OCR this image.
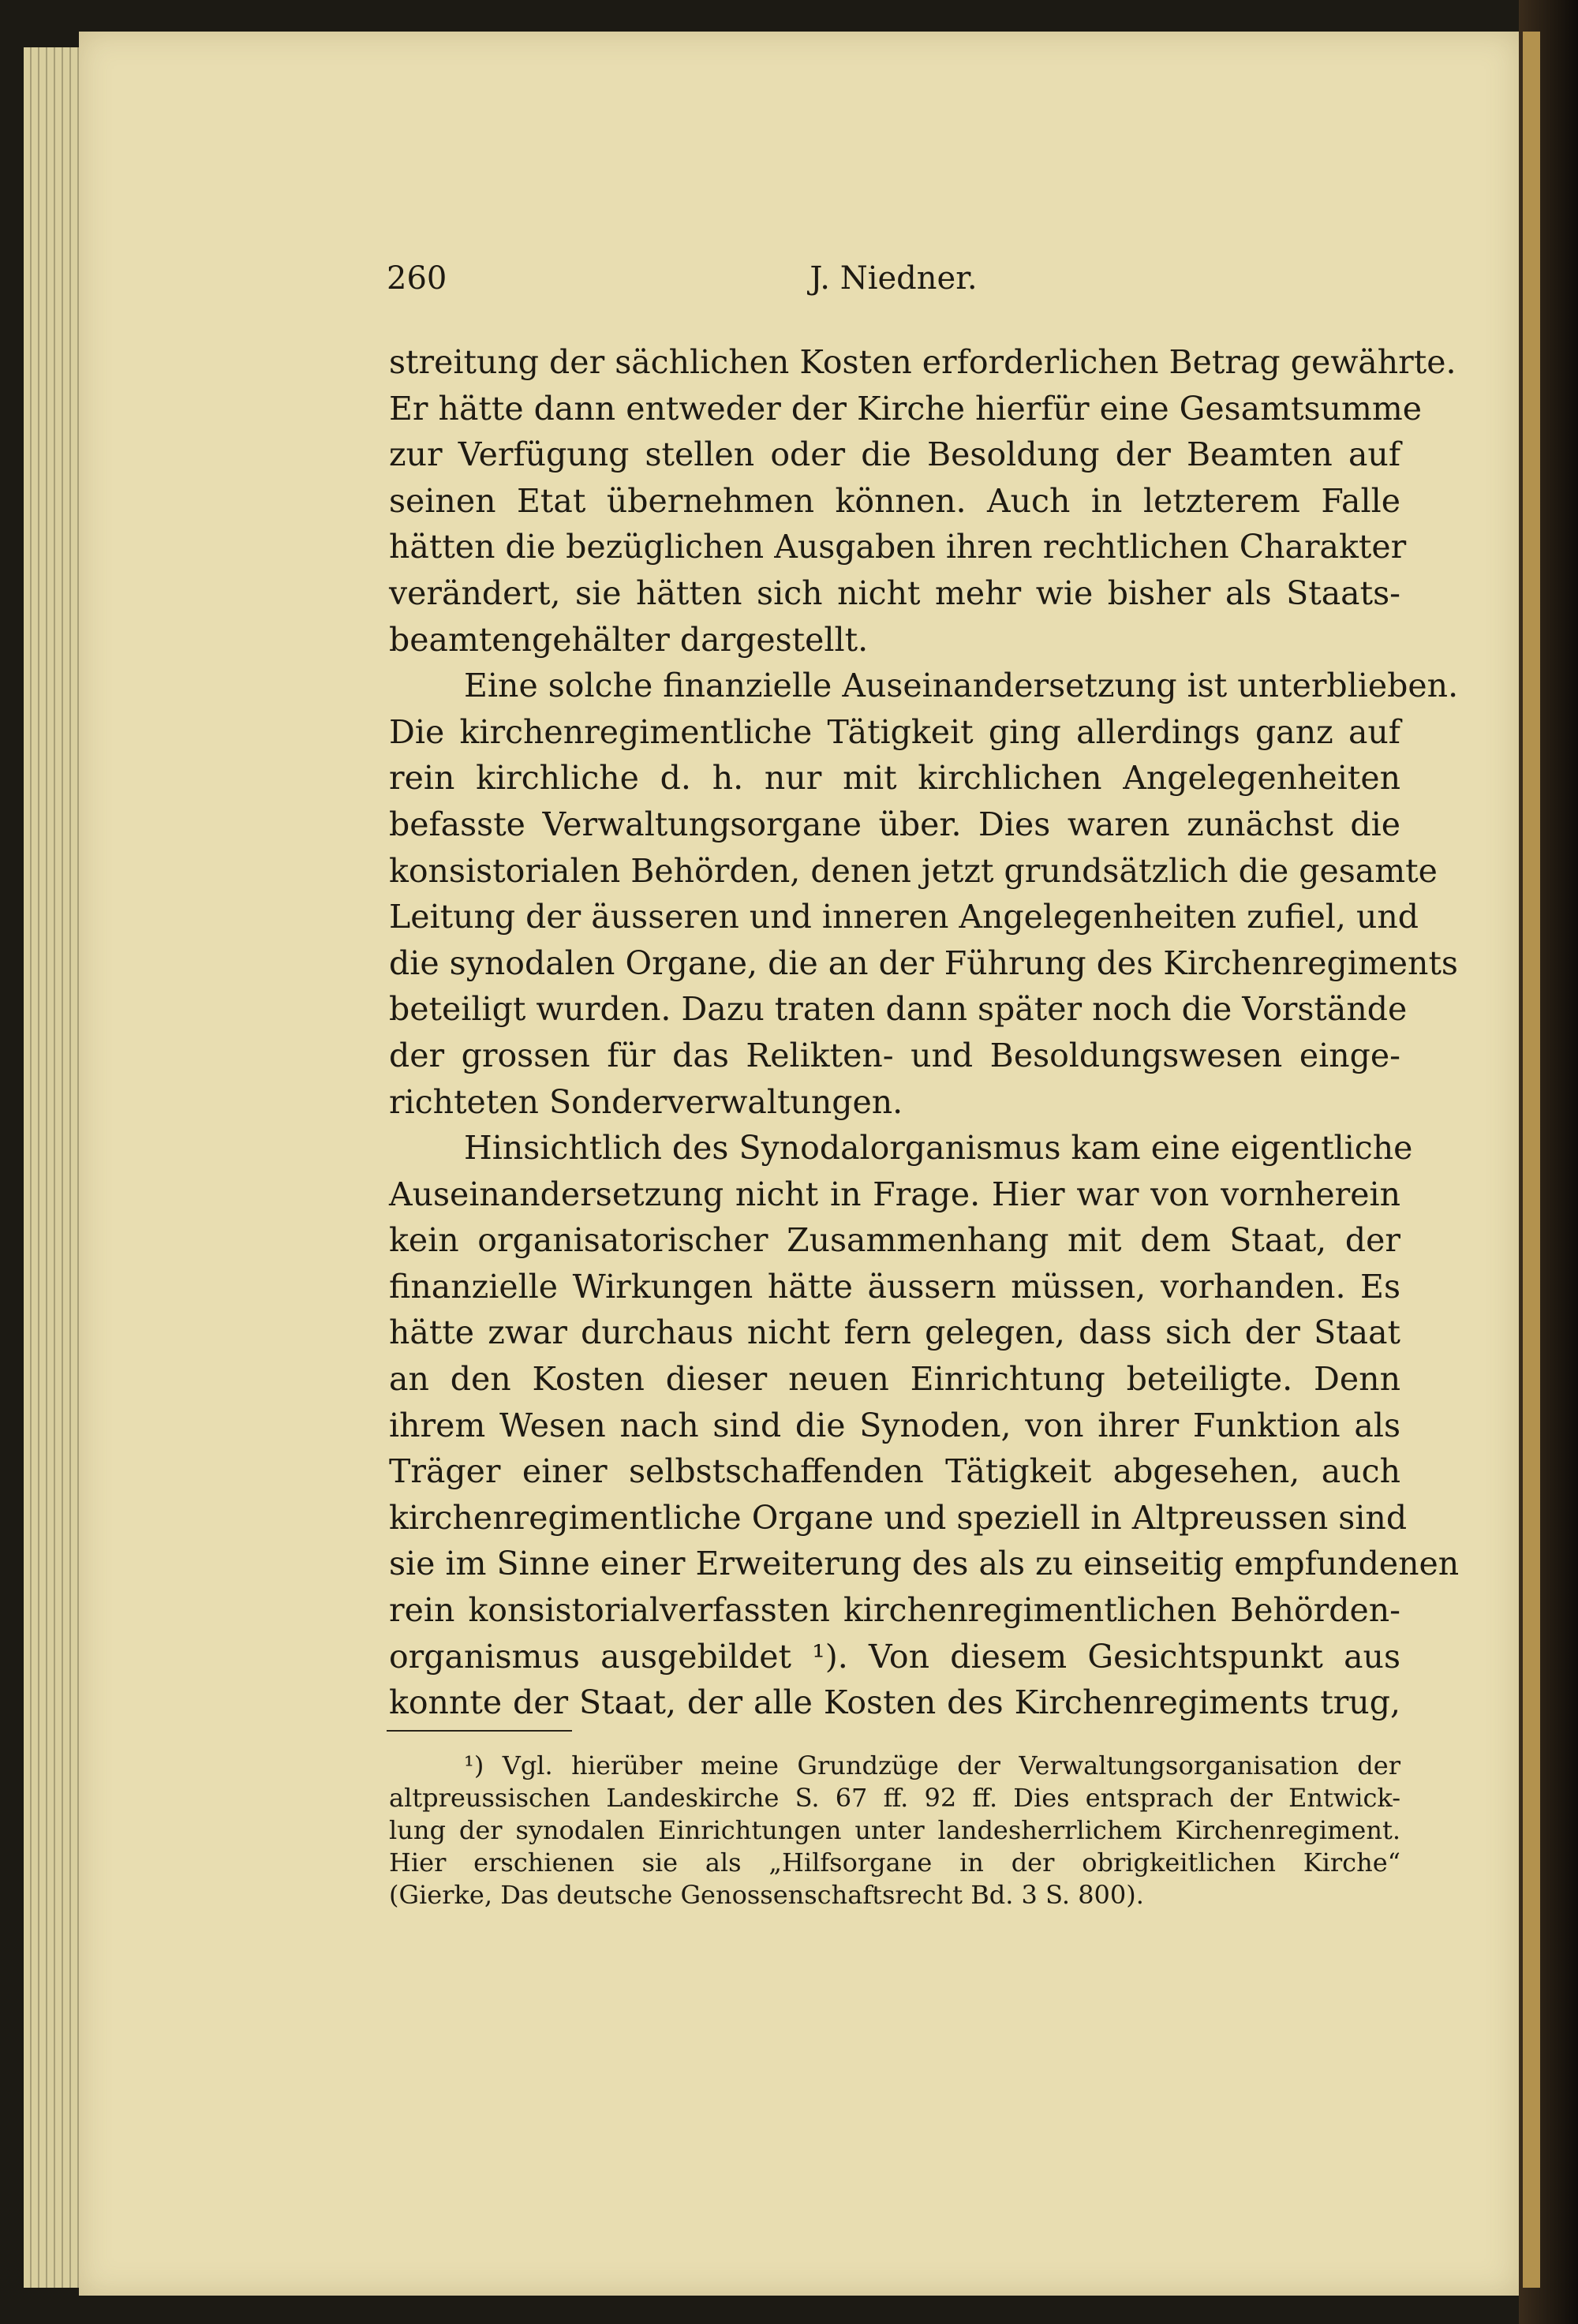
260	J. Niedner.
streitung der sächlichen Kosten erforderlichen Betrag gewährte.
Er hätte dann entweder der Kirche hierfür eine Gesamtsumme
zur Verfügung stellen oder die Besoldung der Beamten auf
seinen Etat übernehmen können. Auch in letzterem Falle
hätten die bezüglichen Ausgaben ihren rechtlichen Charakter
verändert, sie hätten sich nicht mehr wie bisher als Staats-
beamtengehälter dargestellt.
Eine solche finanzielle Auseinandersetzung ist unterblieben.
Die kirchenregimentliche Tätigkeit ging allerdings ganz auf
rein kirchliche d. h. nur mit kirchlichen Angelegenheiten
befasste Verwaltungsorgane über. Dies waren zunächst die
konsistorialen Behörden, denen jetzt grundsätzlich die gesamte
Leitung der äusseren und inneren Angelegenheiten zufiel, und
die synodalen Organe, die an der Führung des Kirchenregiments
beteiligt wurden. Dazu traten dann später noch die Vorstände
der grossen für das Relikten- und Besoldungswesen einge-
richteten Sonderverwaltungen.
Hinsichtlich des Synodalorganismus kam eine eigentliche
Auseinandersetzung nicht in Frage. Hier war von vornherein
kein organisatorischer Zusammenhang mit dem Staat, der
finanzielle Wirkungen hätte äussern müssen, vorhanden. Es
hätte zwar durchaus nicht fern gelegen, dass sich der Staat
an den Kosten dieser neuen Einrichtung beteiligte. Denn
ihrem Wesen nach sind die Synoden, von ihrer Funktion als
Träger einer selbstschaffenden Tätigkeit abgesehen, auch
kirchenregimentliche Organe und speziell in Altpreussen sind
sie im Sinne einer Erweiterung des als zu einseitig empfundenen
rein konsistorialverfassten kirchenregimentlichen Behörden-
organismus ausgebildet ¹). Von diesem Gesichtspunkt aus
konnte der Staat, der alle Kosten des Kirchenregiments trug,
¹) Vgl. hierüber meine Grundzüge der Verwaltungsorganisation der
altpreussischen Landeskirche S. 67 ff. 92 ff. Dies entsprach der Entwick-
lung der synodalen Einrichtungen unter landesherrlichem Kirchenregiment.
Hier erschienen sie als „Hilfsorgane in der obrigkeitlichen Kirche“
(Gierke, Das deutsche Genossenschaftsrecht Bd. 3 S. 800).
